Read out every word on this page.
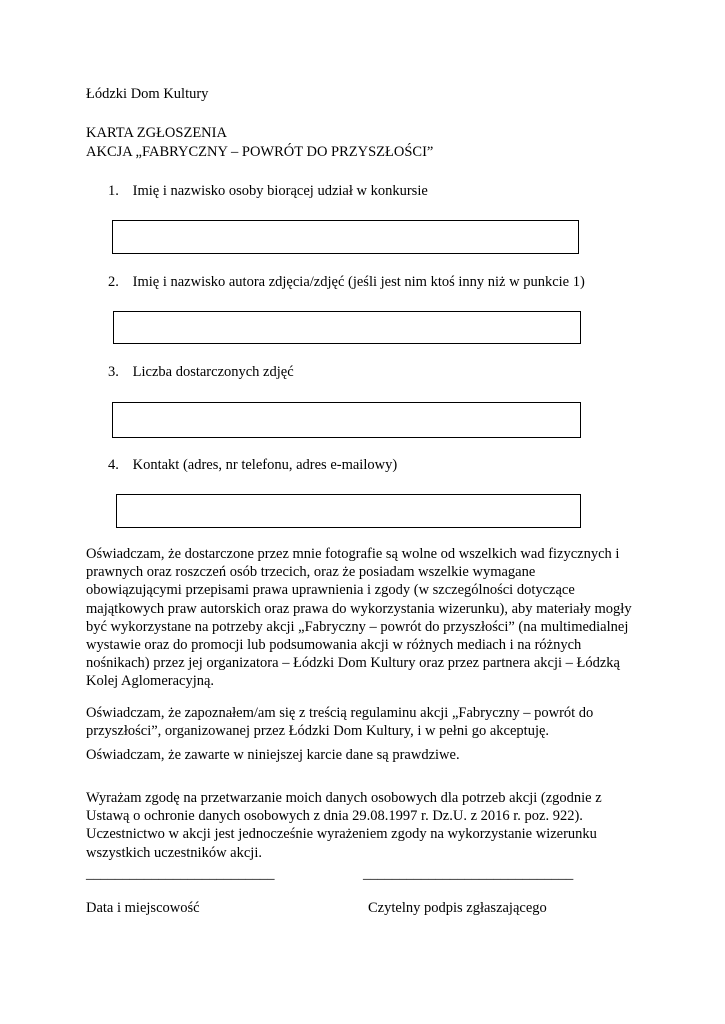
Łódzki Dom Kultury
KARTA ZGŁOSZENIA
AKCJA „FABRYCZNY – POWRÓT DO PRZYSZŁOŚCI”
1. Imię i nazwisko osoby biorącej udział w konkursie
2. Imię i nazwisko autora zdjęcia/zdjęć (jeśli jest nim ktoś inny niż w punkcie 1)
3. Liczba dostarczonych zdjęć
4. Kontakt (adres, nr telefonu, adres e-mailowy)
Oświadczam, że dostarczone przez mnie fotografie są wolne od wszelkich wad fizycznych i
prawnych oraz roszczeń osób trzecich, oraz że posiadam wszelkie wymagane
obowiązującymi przepisami prawa uprawnienia i zgody (w szczególności dotyczące
majątkowych praw autorskich oraz prawa do wykorzystania wizerunku), aby materiały mogły
być wykorzystane na potrzeby akcji „Fabryczny – powrót do przyszłości” (na multimedialnej
wystawie oraz do promocji lub podsumowania akcji w różnych mediach i na różnych
nośnikach) przez jej organizatora – Łódzki Dom Kultury oraz przez partnera akcji – Łódzką
Kolej Aglomeracyjną.
Oświadczam, że zapoznałem/am się z treścią regulaminu akcji „Fabryczny – powrót do
przyszłości”, organizowanej przez Łódzki Dom Kultury, i w pełni go akceptuję.
Oświadczam, że zawarte w niniejszej karcie dane są prawdziwe.
Wyrażam zgodę na przetwarzanie moich danych osobowych dla potrzeb akcji (zgodnie z
Ustawą o ochronie danych osobowych z dnia 29.08.1997 r. Dz.U. z 2016 r. poz. 922).
Uczestnictwo w akcji jest jednocześnie wyrażeniem zgody na wykorzystanie wizerunku
wszystkich uczestników akcji.
__________________________	_____________________________
Data i miejscowość	Czytelny podpis zgłaszającego
